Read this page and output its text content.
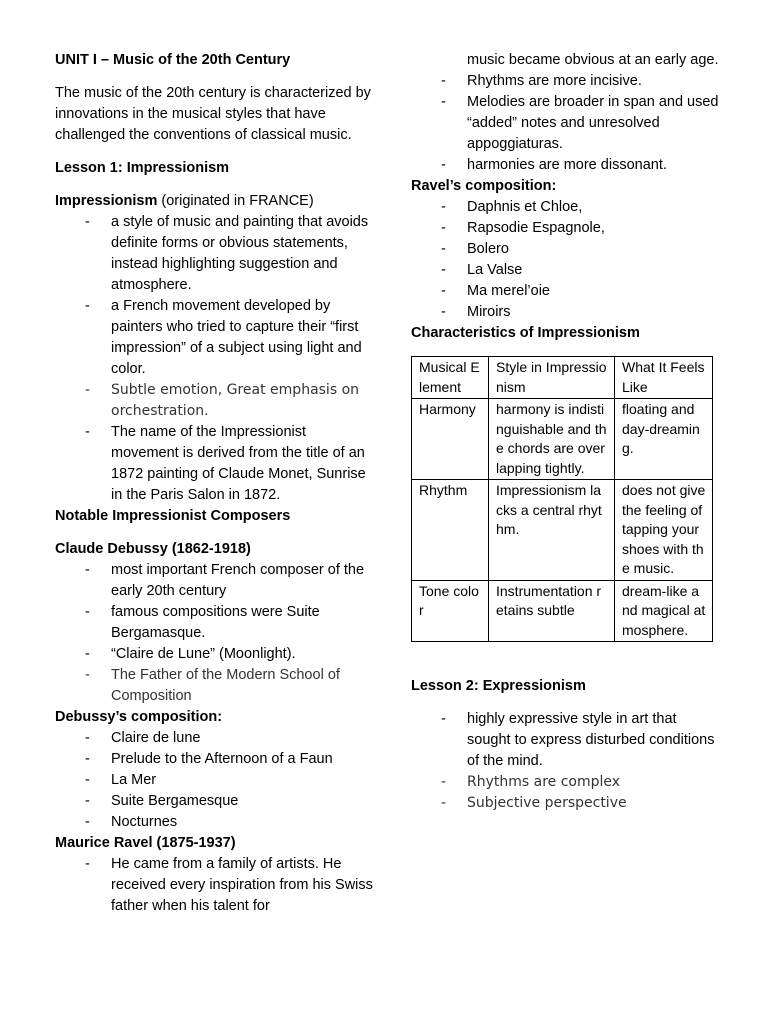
UNIT I – Music of the 20th Century

The music of the 20th century is characterized by innovations in the musical styles that have challenged the conventions of classical music.

Lesson 1: Impressionism

Impressionism (originated in FRANCE)

- a style of music and painting that avoids definite forms or obvious statements, instead highlighting suggestion and atmosphere.
- a French movement developed by painters who tried to capture their “first impression” of a subject using light and color.
- Subtle emotion, Great emphasis on orchestration.
- The name of the Impressionist movement is derived from the title of an 1872 painting of Claude Monet, Sunrise in the Paris Salon in 1872.

Notable Impressionist Composers

Claude Debussy (1862-1918)

- most important French composer of the early 20th century
- famous compositions were Suite Bergamasque.
- “Claire de Lune” (Moonlight).
- The Father of the Modern School of Composition

Debussy’s composition:

- Claire de lune
- Prelude to the Afternoon of a Faun
- La Mer
- Suite Bergamesque
- Nocturnes

Maurice Ravel (1875-1937)

- He came from a family of artists. He received every inspiration from his Swiss father when his talent for
music became obvious at an early age.
- Rhythms are more incisive.
- Melodies are broader in span and used “added” notes and unresolved appoggiaturas.
- harmonies are more dissonant.

Ravel’s composition:

- Daphnis et Chloe,
- Rapsodie Espagnole,
- Bolero
- La Valse
- Ma merel’oie
- Miroirs

Characteristics of Impressionism

Musical Element	Style in Impressionism	What It Feels Like
Harmony	harmony is indistinguishable and the chords are overlapping tightly.	floating and day-dreaming.
Rhythm	Impressionism lacks a central rhythm.	does not give the feeling of tapping your shoes with the music.
Tone color	Instrumentation retains subtle	dream-like and magical atmosphere.

Lesson 2: Expressionism

- highly expressive style in art that sought to express disturbed conditions of the mind.
- Rhythms are complex
- Subjective perspective
